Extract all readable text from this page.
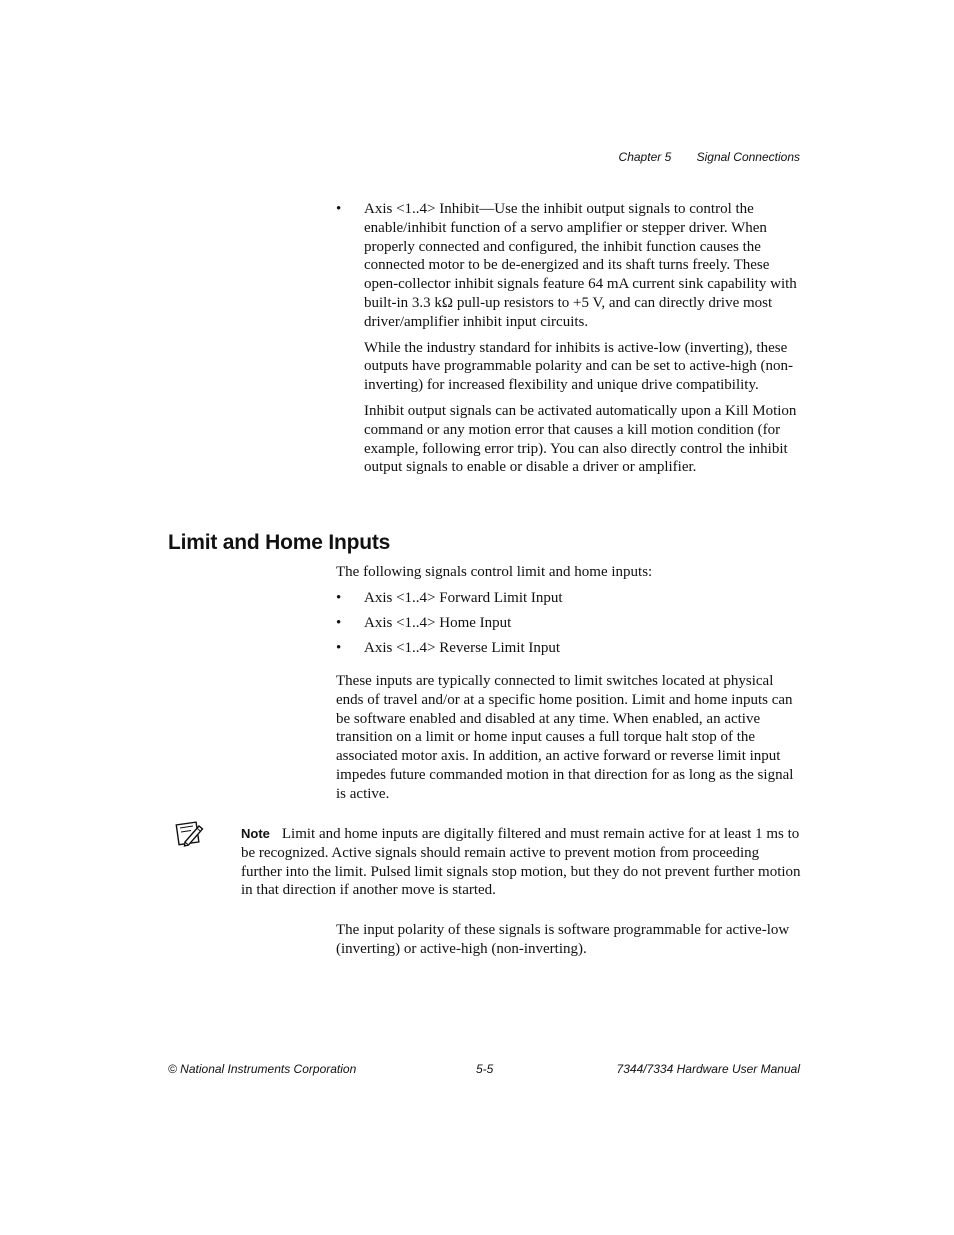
Chapter 5 Signal Connections
• Axis <1..4> Inhibit—Use the inhibit output signals to control the enable/inhibit function of a servo amplifier or stepper driver. When properly connected and configured, the inhibit function causes the connected motor to be de-energized and its shaft turns freely. These open-collector inhibit signals feature 64 mA current sink capability with built-in 3.3 kΩ pull-up resistors to +5 V, and can directly drive most driver/amplifier inhibit input circuits.

While the industry standard for inhibits is active-low (inverting), these outputs have programmable polarity and can be set to active-high (non-inverting) for increased flexibility and unique drive compatibility.

Inhibit output signals can be activated automatically upon a Kill Motion command or any motion error that causes a kill motion condition (for example, following error trip). You can also directly control the inhibit output signals to enable or disable a driver or amplifier.

Limit and Home Inputs

The following signals control limit and home inputs:

• Axis <1..4> Forward Limit Input
• Axis <1..4> Home Input
• Axis <1..4> Reverse Limit Input

These inputs are typically connected to limit switches located at physical ends of travel and/or at a specific home position. Limit and home inputs can be software enabled and disabled at any time. When enabled, an active transition on a limit or home input causes a full torque halt stop of the associated motor axis. In addition, an active forward or reverse limit input impedes future commanded motion in that direction for as long as the signal is active.

Note Limit and home inputs are digitally filtered and must remain active for at least 1 ms to be recognized. Active signals should remain active to prevent motion from proceeding further into the limit. Pulsed limit signals stop motion, but they do not prevent further motion in that direction if another move is started.

The input polarity of these signals is software programmable for active-low (inverting) or active-high (non-inverting).

© National Instruments Corporation	5-5	7344/7334 Hardware User Manual
